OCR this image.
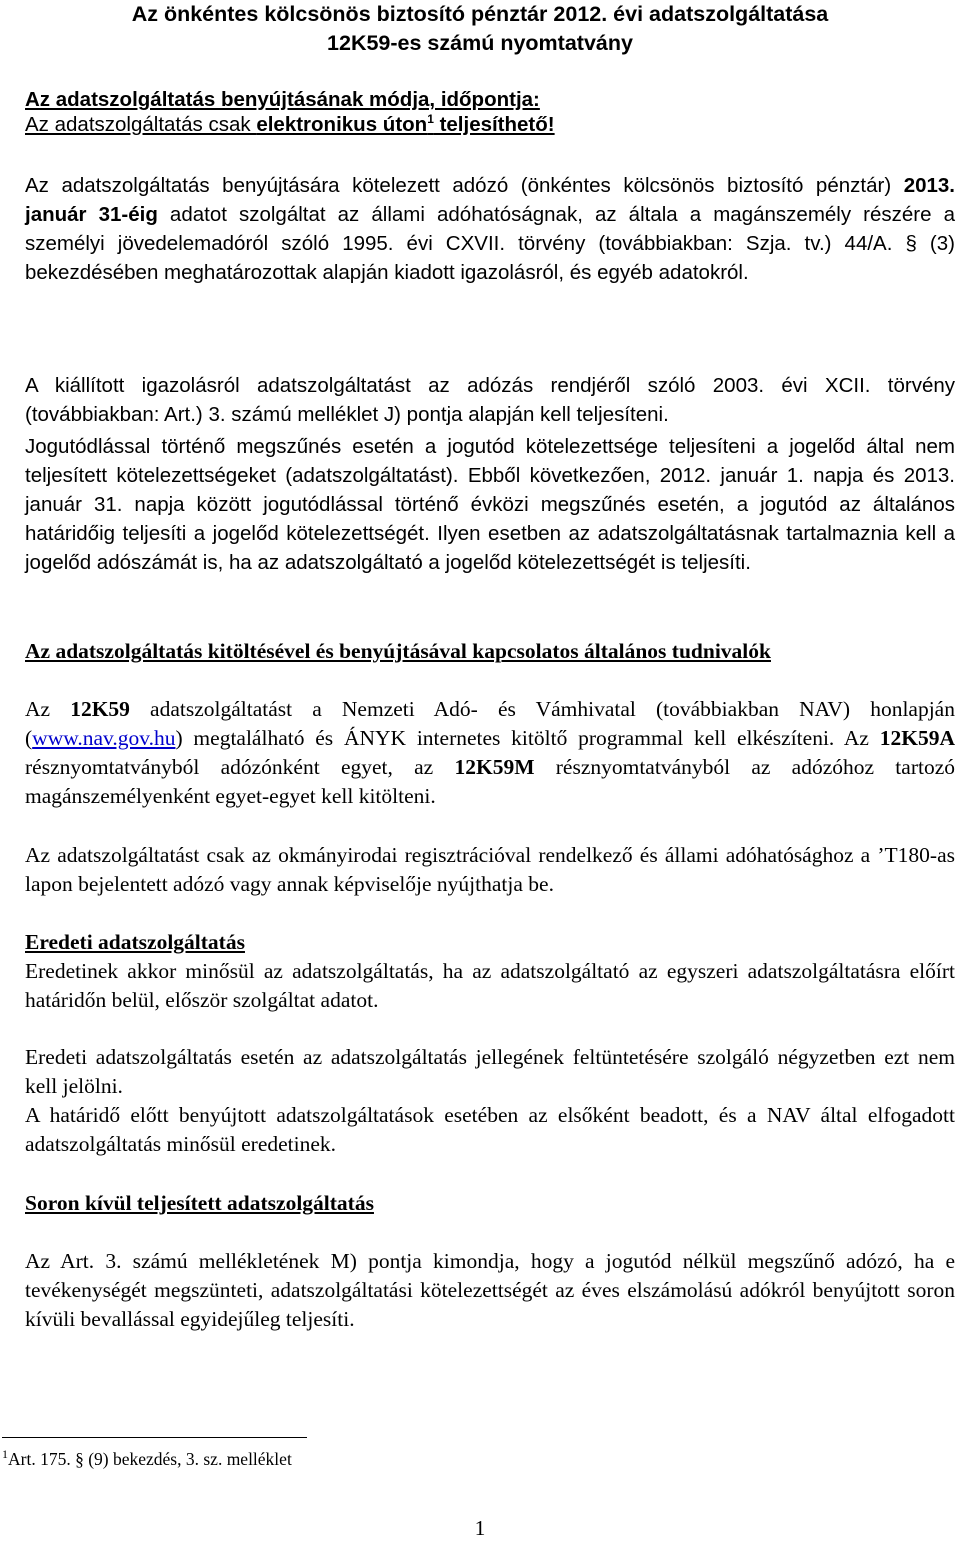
Az önkéntes kölcsönös biztosító pénztár 2012. évi adatszolgáltatása
12K59-es számú nyomtatvány
Az adatszolgáltatás benyújtásának módja, időpontja:
Az adatszolgáltatás csak elektronikus úton$^1$ teljesíthető!

Az adatszolgáltatás benyújtására kötelezett adózó (önkéntes kölcsönös biztosító pénztár) 2013. január 31-éig adatot szolgáltat az állami adóhatóságnak, az általa a magánszemély részére a személyi jövedelemadóról szóló 1995. évi CXVII. törvény (továbbiakban: Szja. tv.) 44/A. § (3) bekezdésében meghatározottak alapján kiadott igazolásról, és egyéb adatokról.

A kiállított igazolásról adatszolgáltatást az adózás rendjéről szóló 2003. évi XCII. törvény (továbbiakban: Art.) 3. számú melléklet J) pontja alapján kell teljesíteni.

Jogutódlással történő megszűnés esetén a jogutód kötelezettsége teljesíteni a jogelőd által nem teljesített kötelezettségeket (adatszolgáltatást). Ebből következően, 2012. január 1. napja és 2013. január 31. napja között jogutódlással történő évközi megszűnés esetén, a jogutód az általános határidőig teljesíti a jogelőd kötelezettségét. Ilyen esetben az adatszolgáltatásnak tartalmaznia kell a jogelőd adószámát is, ha az adatszolgáltató a jogelőd kötelezettségét is teljesíti.

Az adatszolgáltatás kitöltésével és benyújtásával kapcsolatos általános tudnivalók

Az 12K59 adatszolgáltatást a Nemzeti Adó- és Vámhivatal (továbbiakban NAV) honlapján (www.nav.gov.hu) megtalálható és ÁNYK internetes kitöltő programmal kell elkészíteni. Az 12K59A résznyomtatványból adózónként egyet, az 12K59M résznyomtatványból az adózóhoz tartozó magánszemélyenként egyet-egyet kell kitölteni.

Az adatszolgáltatást csak az okmányirodai regisztrációval rendelkező és állami adóhatósághoz a ’T180-as lapon bejelentett adózó vagy annak képviselője nyújthatja be.

Eredeti adatszolgáltatás

Eredetinek akkor minősül az adatszolgáltatás, ha az adatszolgáltató az egyszeri adatszolgáltatásra előírt határidőn belül, először szolgáltat adatot.

Eredeti adatszolgáltatás esetén az adatszolgáltatás jellegének feltüntetésére szolgáló négyzetben ezt nem kell jelölni.

A határidő előtt benyújtott adatszolgáltatások esetében az elsőként beadott, és a NAV által elfogadott adatszolgáltatás minősül eredetinek.

Soron kívül teljesített adatszolgáltatás

Az Art. 3. számú mellékletének M) pontja kimondja, hogy a jogutód nélkül megszűnő adózó, ha e tevékenységét megszünteti, adatszolgáltatási kötelezettségét az éves elszámolású adókról benyújtott soron kívüli bevallással egyidejűleg teljesíti.

$^1$Art. 175. § (9) bekezdés, 3. sz. melléklet
1
